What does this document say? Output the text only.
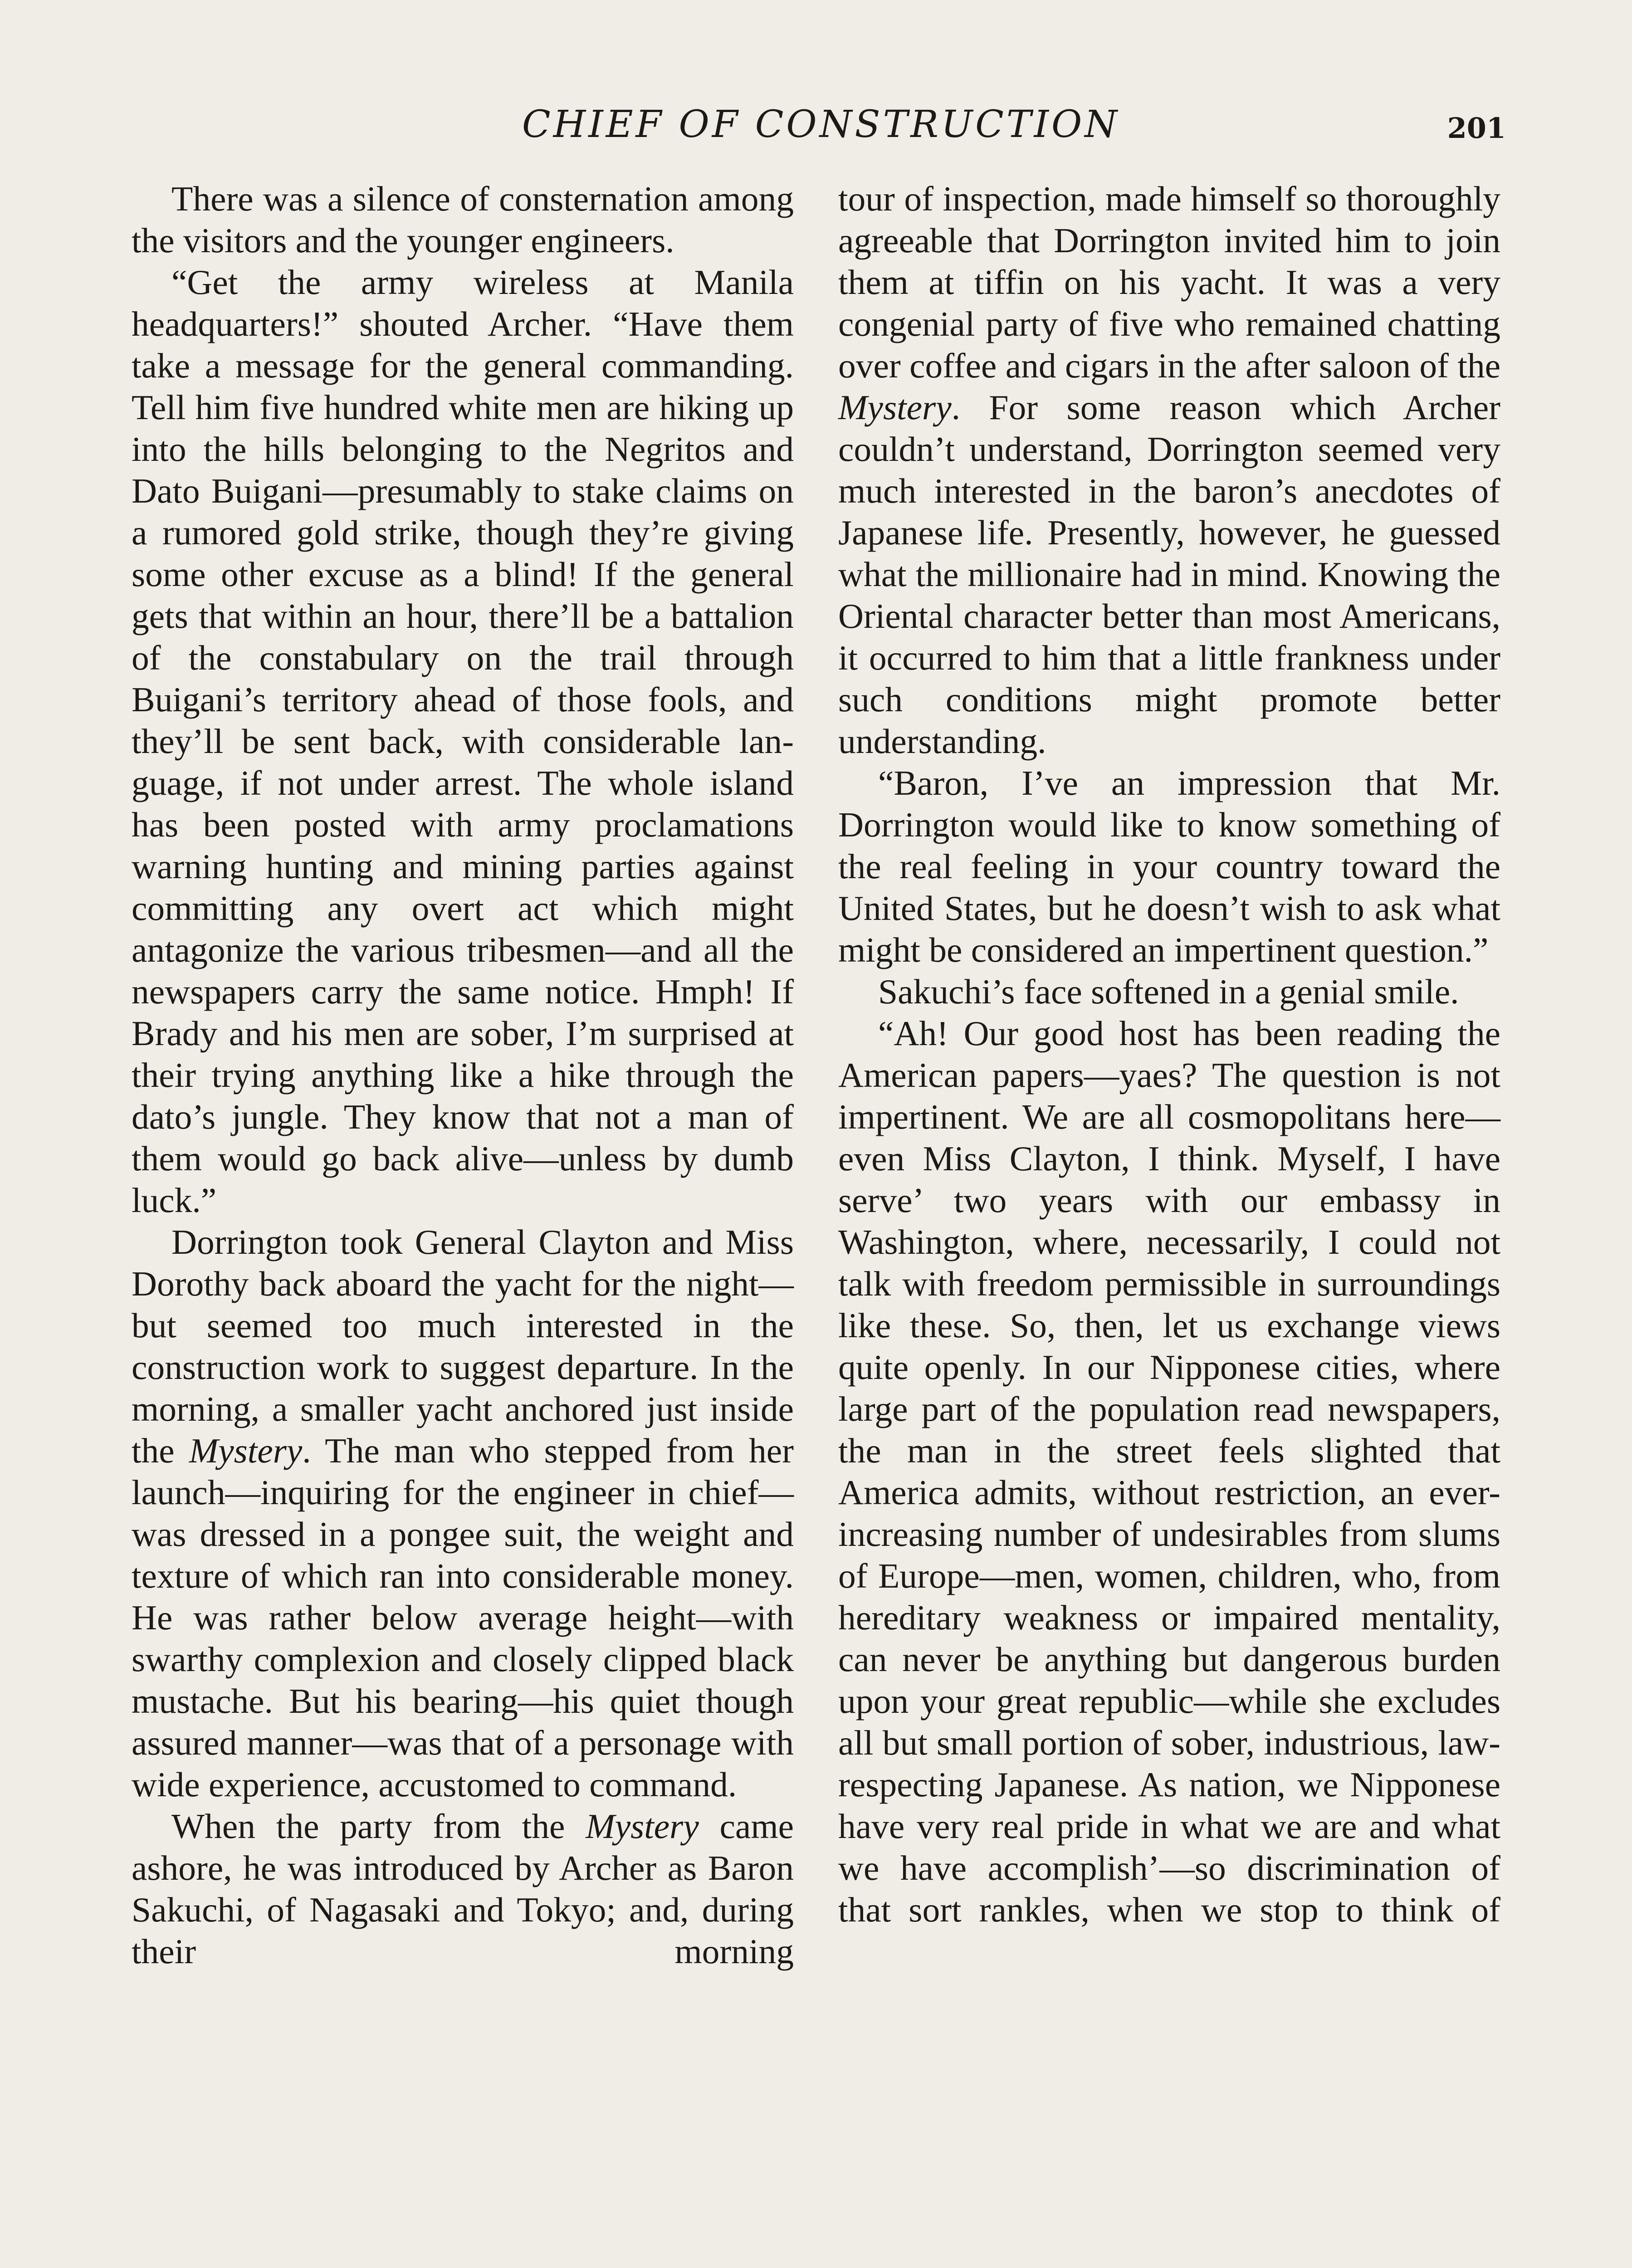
CHIEF OF CONSTRUCTION	201

There was a silence of consternation among the visitors and the younger engineers.

“Get the army wireless at Manila headquarters!” shouted Archer. “Have them take a message for the general commanding. Tell him five hundred white men are hiking up into the hills belonging to the Negritos and Dato Buigani—presumably to stake claims on a rumored gold strike, though they’re giving some other excuse as a blind! If the general gets that within an hour, there’ll be a battalion of the constabulary on the trail through Buigani’s territory ahead of those fools, and they’ll be sent back, with considerable language, if not under arrest. The whole island has been posted with army proclamations warning hunting and mining parties against committing any overt act which might antagonize the various tribesmen—and all the newspapers carry the same notice. Hmph! If Brady and his men are sober, I’m surprised at their trying anything like a hike through the dato’s jungle. They know that not a man of them would go back alive—unless by dumb luck.”

Dorrington took General Clayton and Miss Dorothy back aboard the yacht for the night—but seemed too much interested in the construction work to suggest departure. In the morning, a smaller yacht anchored just inside the Mystery. The man who stepped from her launch—inquiring for the engineer in chief—was dressed in a pongee suit, the weight and texture of which ran into considerable money. He was rather below average height—with swarthy complexion and closely clipped black mustache. But his bearing—his quiet though assured manner—was that of a personage with wide experience, accustomed to command.

When the party from the Mystery came ashore, he was introduced by Archer as Baron Sakuchi, of Nagasaki and Tokyo; and, during their morning

tour of inspection, made himself so thoroughly agreeable that Dorrington invited him to join them at tiffin on his yacht. It was a very congenial party of five who remained chatting over coffee and cigars in the after saloon of the Mystery. For some reason which Archer couldn’t understand, Dorrington seemed very much interested in the baron’s anecdotes of Japanese life. Presently, however, he guessed what the millionaire had in mind. Knowing the Oriental character better than most Americans, it occurred to him that a little frankness under such conditions might promote better understanding.

“Baron, I’ve an impression that Mr. Dorrington would like to know something of the real feeling in your country toward the United States, but he doesn’t wish to ask what might be considered an impertinent question.”

Sakuchi’s face softened in a genial smile.

“Ah! Our good host has been reading the American papers—yaes? The question is not impertinent. We are all cosmopolitans here—even Miss Clayton, I think. Myself, I have serve’ two years with our embassy in Washington, where, necessarily, I could not talk with freedom permissible in surroundings like these. So, then, let us exchange views quite openly. In our Nipponese cities, where large part of the population read newspapers, the man in the street feels slighted that America admits, without restriction, an ever-increasing number of undesirables from slums of Europe—men, women, children, who, from hereditary weakness or impaired mentality, can never be anything but dangerous burden upon your great republic—while she excludes all but small portion of sober, industrious, law-respecting Japanese. As nation, we Nipponese have very real pride in what we are and what we have accomplish’—so discrimination of that sort rankles, when we stop to think of
